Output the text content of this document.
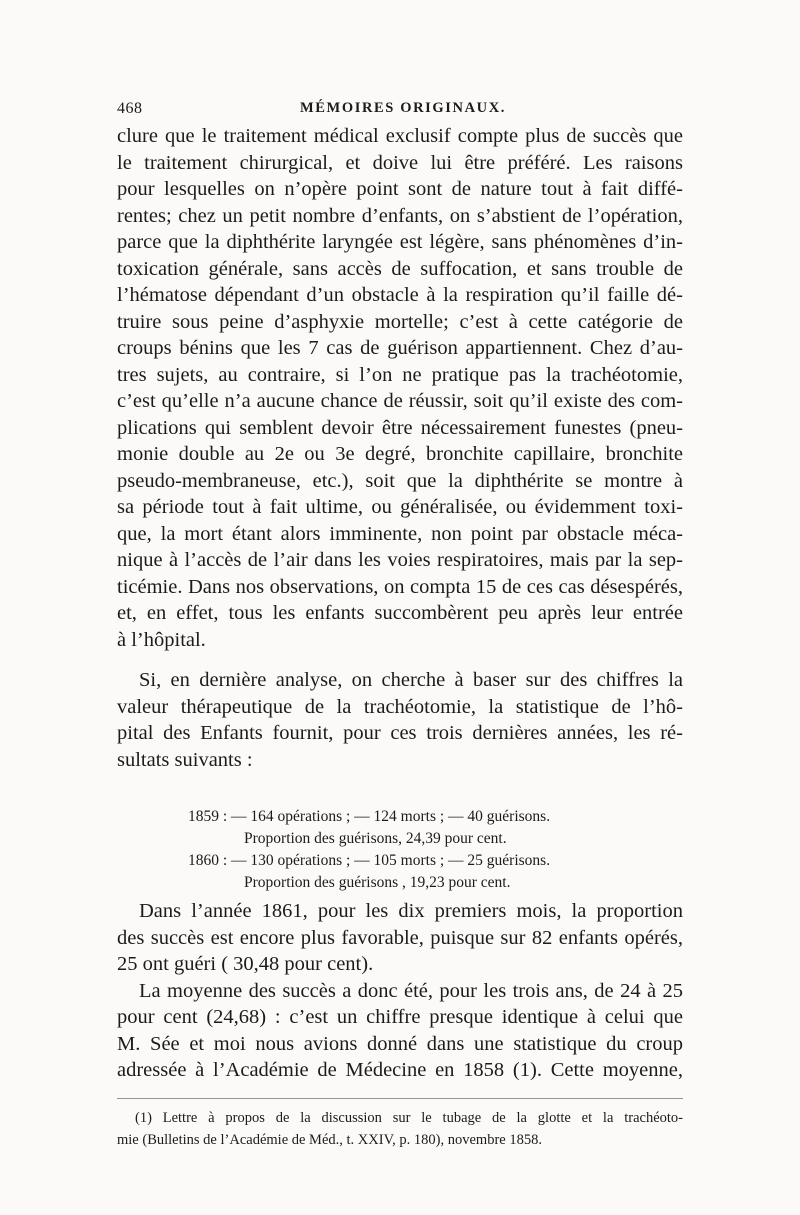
468	MÉMOIRES ORIGINAUX.
clure que le traitement médical exclusif compte plus de succès que
le traitement chirurgical, et doive lui être préféré. Les raisons
pour lesquelles on n’opère point sont de nature tout à fait diffé-
rentes; chez un petit nombre d’enfants, on s’abstient de l’opération,
parce que la diphthérite laryngée est légère, sans phénomènes d’in-
toxication générale, sans accès de suffocation, et sans trouble de
l’hématose dépendant d’un obstacle à la respiration qu’il faille dé-
truire sous peine d’asphyxie mortelle; c’est à cette catégorie de
croups bénins que les 7 cas de guérison appartiennent. Chez d’au-
tres sujets, au contraire, si l’on ne pratique pas la trachéotomie,
c’est qu’elle n’a aucune chance de réussir, soit qu’il existe des com-
plications qui semblent devoir être nécessairement funestes (pneu-
monie double au 2e ou 3e degré, bronchite capillaire, bronchite
pseudo-membraneuse, etc.), soit que la diphthérite se montre à
sa période tout à fait ultime, ou généralisée, ou évidemment toxi-
que, la mort étant alors imminente, non point par obstacle méca-
nique à l’accès de l’air dans les voies respiratoires, mais par la sep-
ticémie. Dans nos observations, on compta 15 de ces cas désespérés,
et, en effet, tous les enfants succombèrent peu après leur entrée
à l’hôpital.
Si, en dernière analyse, on cherche à baser sur des chiffres la
valeur thérapeutique de la trachéotomie, la statistique de l’hô-
pital des Enfants fournit, pour ces trois dernières années, les ré-
sultats suivants :
1859 : — 164 opérations ; — 124 morts ; — 40 guérisons.
Proportion des guérisons, 24,39 pour cent.
1860 : — 130 opérations ; — 105 morts ; — 25 guérisons.
Proportion des guérisons , 19,23 pour cent.
Dans l’année 1861, pour les dix premiers mois, la proportion
des succès est encore plus favorable, puisque sur 82 enfants opérés,
25 ont guéri ( 30,48 pour cent).
La moyenne des succès a donc été, pour les trois ans, de 24 à 25
pour cent (24,68) : c’est un chiffre presque identique à celui que
M. Sée et moi nous avions donné dans une statistique du croup
adressée à l’Académie de Médecine en 1858 (1). Cette moyenne,
(1) Lettre à propos de la discussion sur le tubage de la glotte et la trachéoto-
mie (Bulletins de l’Académie de Méd., t. XXIV, p. 180), novembre 1858.
